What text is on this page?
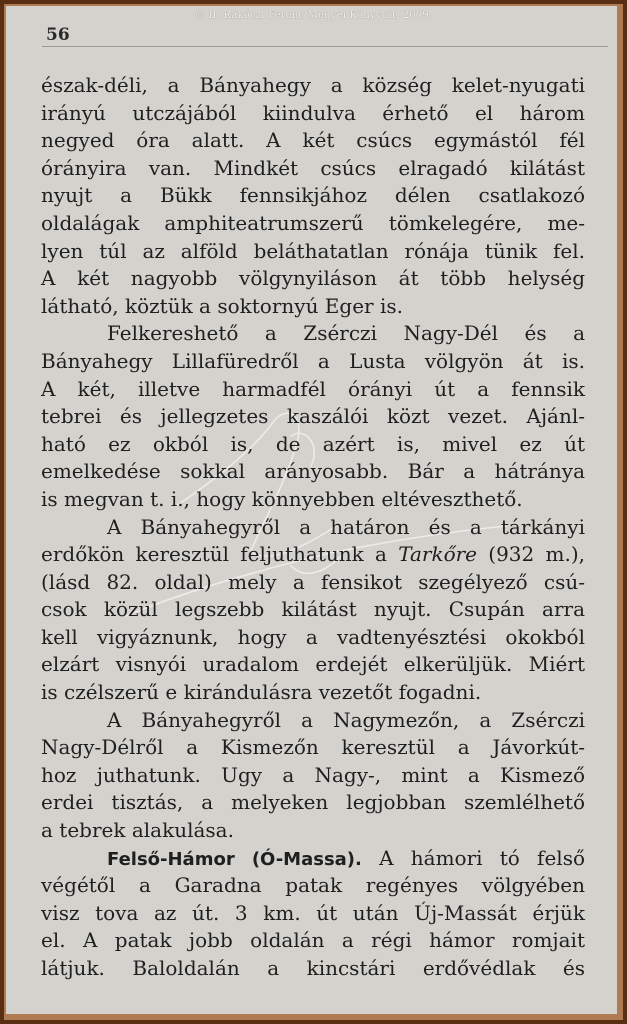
56
észak-déli, a Bányahegy a község kelet-nyugati
irányú utczájából kiindulva érhető el három
negyed óra alatt. A két csúcs egymástól fél
órányira van. Mindkét csúcs elragadó kilátást
nyujt a Bükk fennsikjához délen csatlakozó
oldalágak amphiteatrumszerű tömkelegére, me-
lyen túl az alföld beláthatatlan rónája tünik fel.
A két nagyobb völgynyiláson át több helység
látható, köztük a soktornyú Eger is.
Felkereshető a Zsérczi Nagy-Dél és a
Bányahegy Lillafüredről a Lusta völgyön át is.
A két, illetve harmadfél órányi út a fennsik
tebrei és jellegzetes kaszálói közt vezet. Ajánl-
ható ez okból is, de azért is, mivel ez út
emelkedése sokkal arányosabb. Bár a hátránya
is megvan t. i., hogy könnyebben eltéveszthető.
A Bányahegyről a határon és a tárkányi
erdőkön keresztül feljuthatunk a Tarkőre (932 m.),
(lásd 82. oldal) mely a fensikot szegélyező csú-
csok közül legszebb kilátást nyujt. Csupán arra
kell vigyáznunk, hogy a vadtenyésztési okokból
elzárt visnyói uradalom erdejét elkerüljük. Miért
is czélszerű e kirándulásra vezetőt fogadni.
A Bányahegyről a Nagymezőn, a Zsérczi
Nagy-Délről a Kismezőn keresztül a Jávorkút-
hoz juthatunk. Ugy a Nagy-, mint a Kismező
erdei tisztás, a melyeken legjobban szemlélhető
a tebrek alakulása.
Felső-Hámor (Ó-Massa). A hámori tó felső
végétől a Garadna patak regényes völgyében
visz tova az út. 3 km. út után Új-Massát érjük
el. A patak jobb oldalán a régi hámor romjait
látjuk. Baloldalán a kincstári erdővédlak és
© II. Rákóczi Ferenc Megyei Könyvtár, 2009.
